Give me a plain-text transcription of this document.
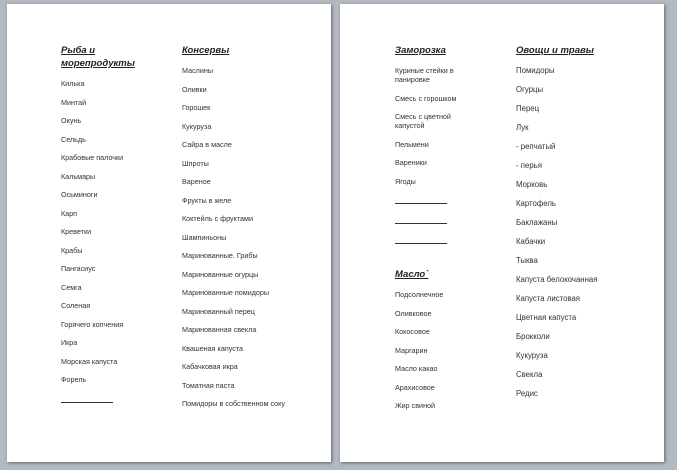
Рыба и морепродукты
Килька
Минтай
Окунь
Сельдь
Крабовые палочки
Кальмары
Осьминоги
Карп
Креветки
Крабы
Пангасиус
Семга
Соленая
Горячего копчения
Икра
Морская капуста
Форель
Консервы
Маслины
Оливки
Горошек
Кукуруза
Сайра в масле
Шпроты
Вареное
Фрукты в желе
Коктейль с фруктами
Шампиньоны
Маринованные. Грибы
Маринованные огурцы
Маринованные помидоры
Маринованный перец
Маринованная свекла
Квашеная капуста
Кабачковая икра
Томатная паста
Помидоры в собственном соку
Заморозка
Куриные стейки в панировке
Смесь с горошком
Смесь с цветной капустой
Пельмени
Вареники
Ягоды
Масло`
Подсолнечное
Оливковое
Кокосовое
Маргарин
Масло какао
Арахисовое
Жир свиной
Овощи и травы
Помидоры
Огурцы
Перец
Лук
- репчатый
- перья
Морковь
Картофель
Баклажаны
Кабачки
Тыква
Капуста белокочанная
Капуста листовая
Цветная капуста
Брокколи
Кукуруза
Свекла
Редис
